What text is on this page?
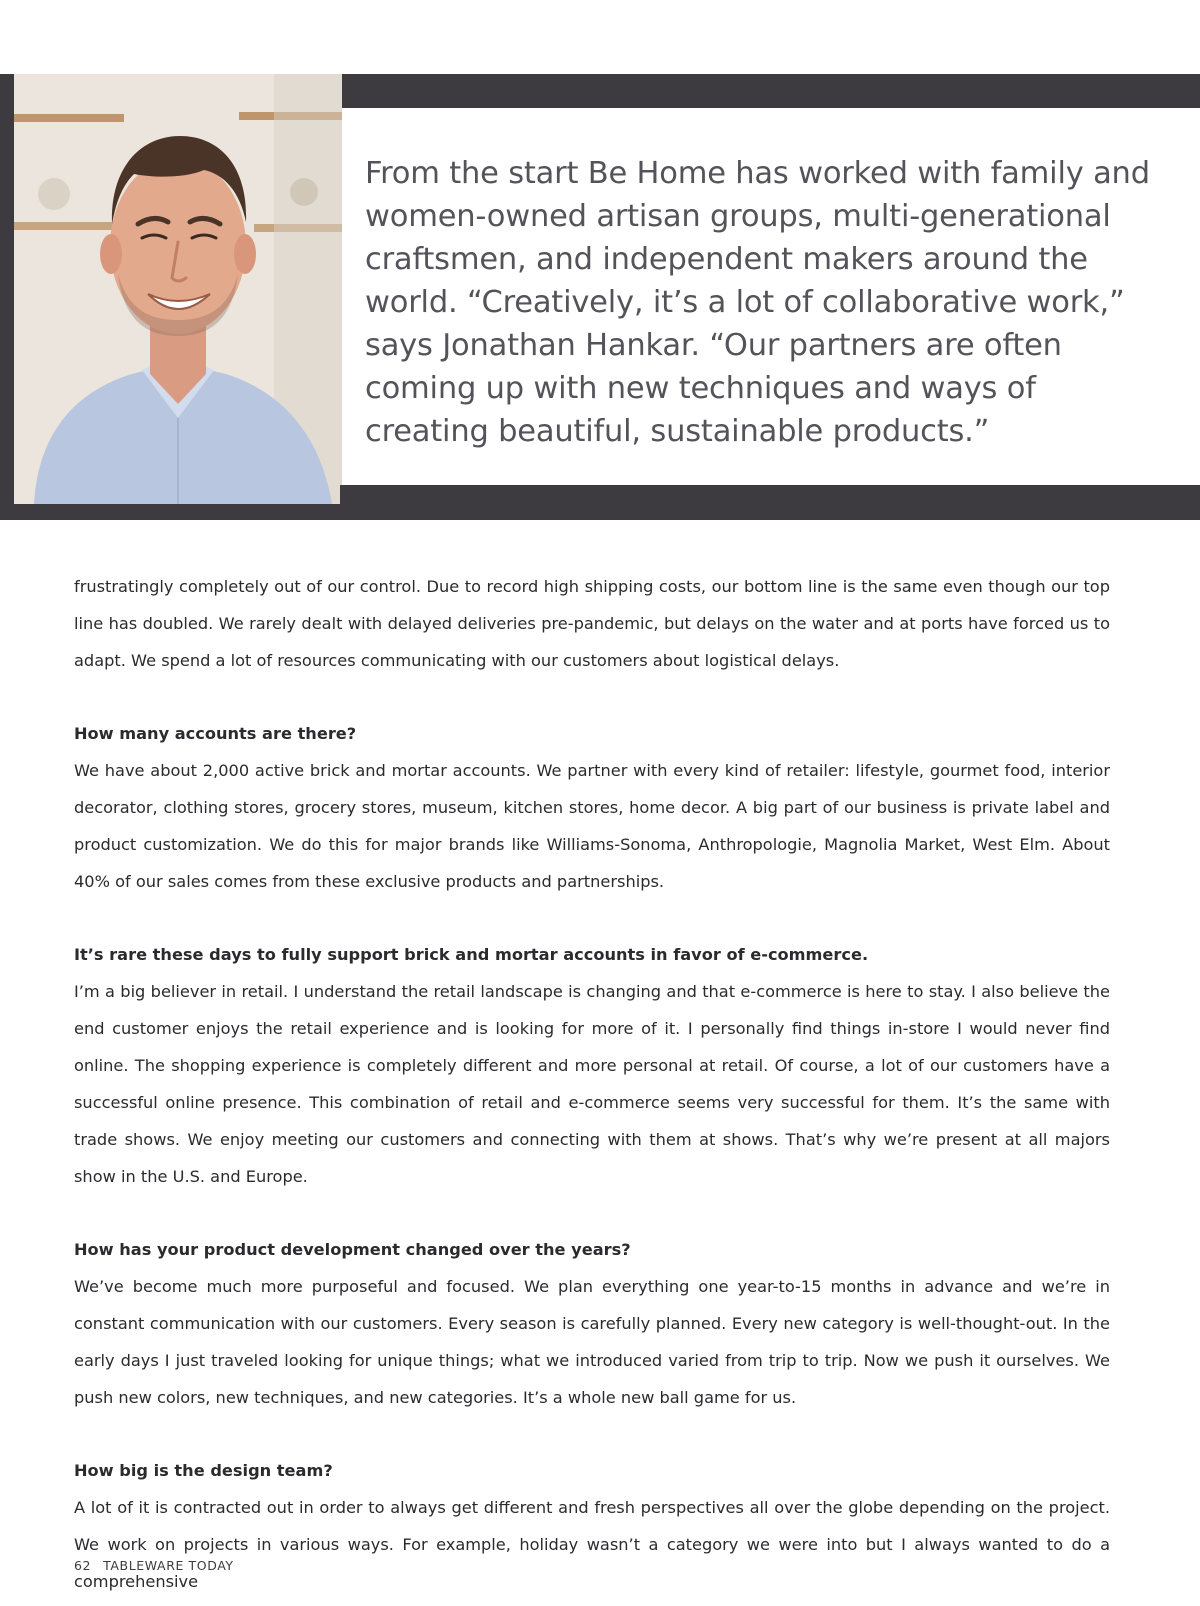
From the start Be Home has worked with family and women-owned artisan groups, multi-generational craftsmen, and independent makers around the world. “Creatively, it’s a lot of collaborative work,” says Jonathan Hankar. “Our partners are often coming up with new techniques and ways of creating beautiful, sustainable products.”

frustratingly completely out of our control. Due to record high shipping costs, our bottom line is the same even though our top line has doubled. We rarely dealt with delayed deliveries pre-pandemic, but delays on the water and at ports have forced us to adapt. We spend a lot of resources communicating with our customers about logistical delays.

How many accounts are there?

We have about 2,000 active brick and mortar accounts. We partner with every kind of retailer: lifestyle, gourmet food, interior decorator, clothing stores, grocery stores, museum, kitchen stores, home decor. A big part of our business is private label and product customization. We do this for major brands like Williams-Sonoma, Anthropologie, Magnolia Market, West Elm. About 40% of our sales comes from these exclusive products and partnerships.

It’s rare these days to fully support brick and mortar accounts in favor of e-commerce.

I’m a big believer in retail. I understand the retail landscape is changing and that e-commerce is here to stay. I also believe the end customer enjoys the retail experience and is looking for more of it. I personally find things in-store I would never find online. The shopping experience is completely different and more personal at retail. Of course, a lot of our customers have a successful online presence. This combination of retail and e-commerce seems very successful for them. It’s the same with trade shows. We enjoy meeting our customers and connecting with them at shows. That’s why we’re present at all majors show in the U.S. and Europe.

How has your product development changed over the years?

We’ve become much more purposeful and focused. We plan everything one year-to-15 months in advance and we’re in constant communication with our customers. Every season is carefully planned. Every new category is well-thought-out. In the early days I just traveled looking for unique things; what we introduced varied from trip to trip. Now we push it ourselves. We push new colors, new techniques, and new categories. It’s a whole new ball game for us.

How big is the design team?

A lot of it is contracted out in order to always get different and fresh perspectives all over the globe depending on the project. We work on projects in various ways. For example, holiday wasn’t a category we were into but I always wanted to do a comprehensive

62 TABLEWARE TODAY
